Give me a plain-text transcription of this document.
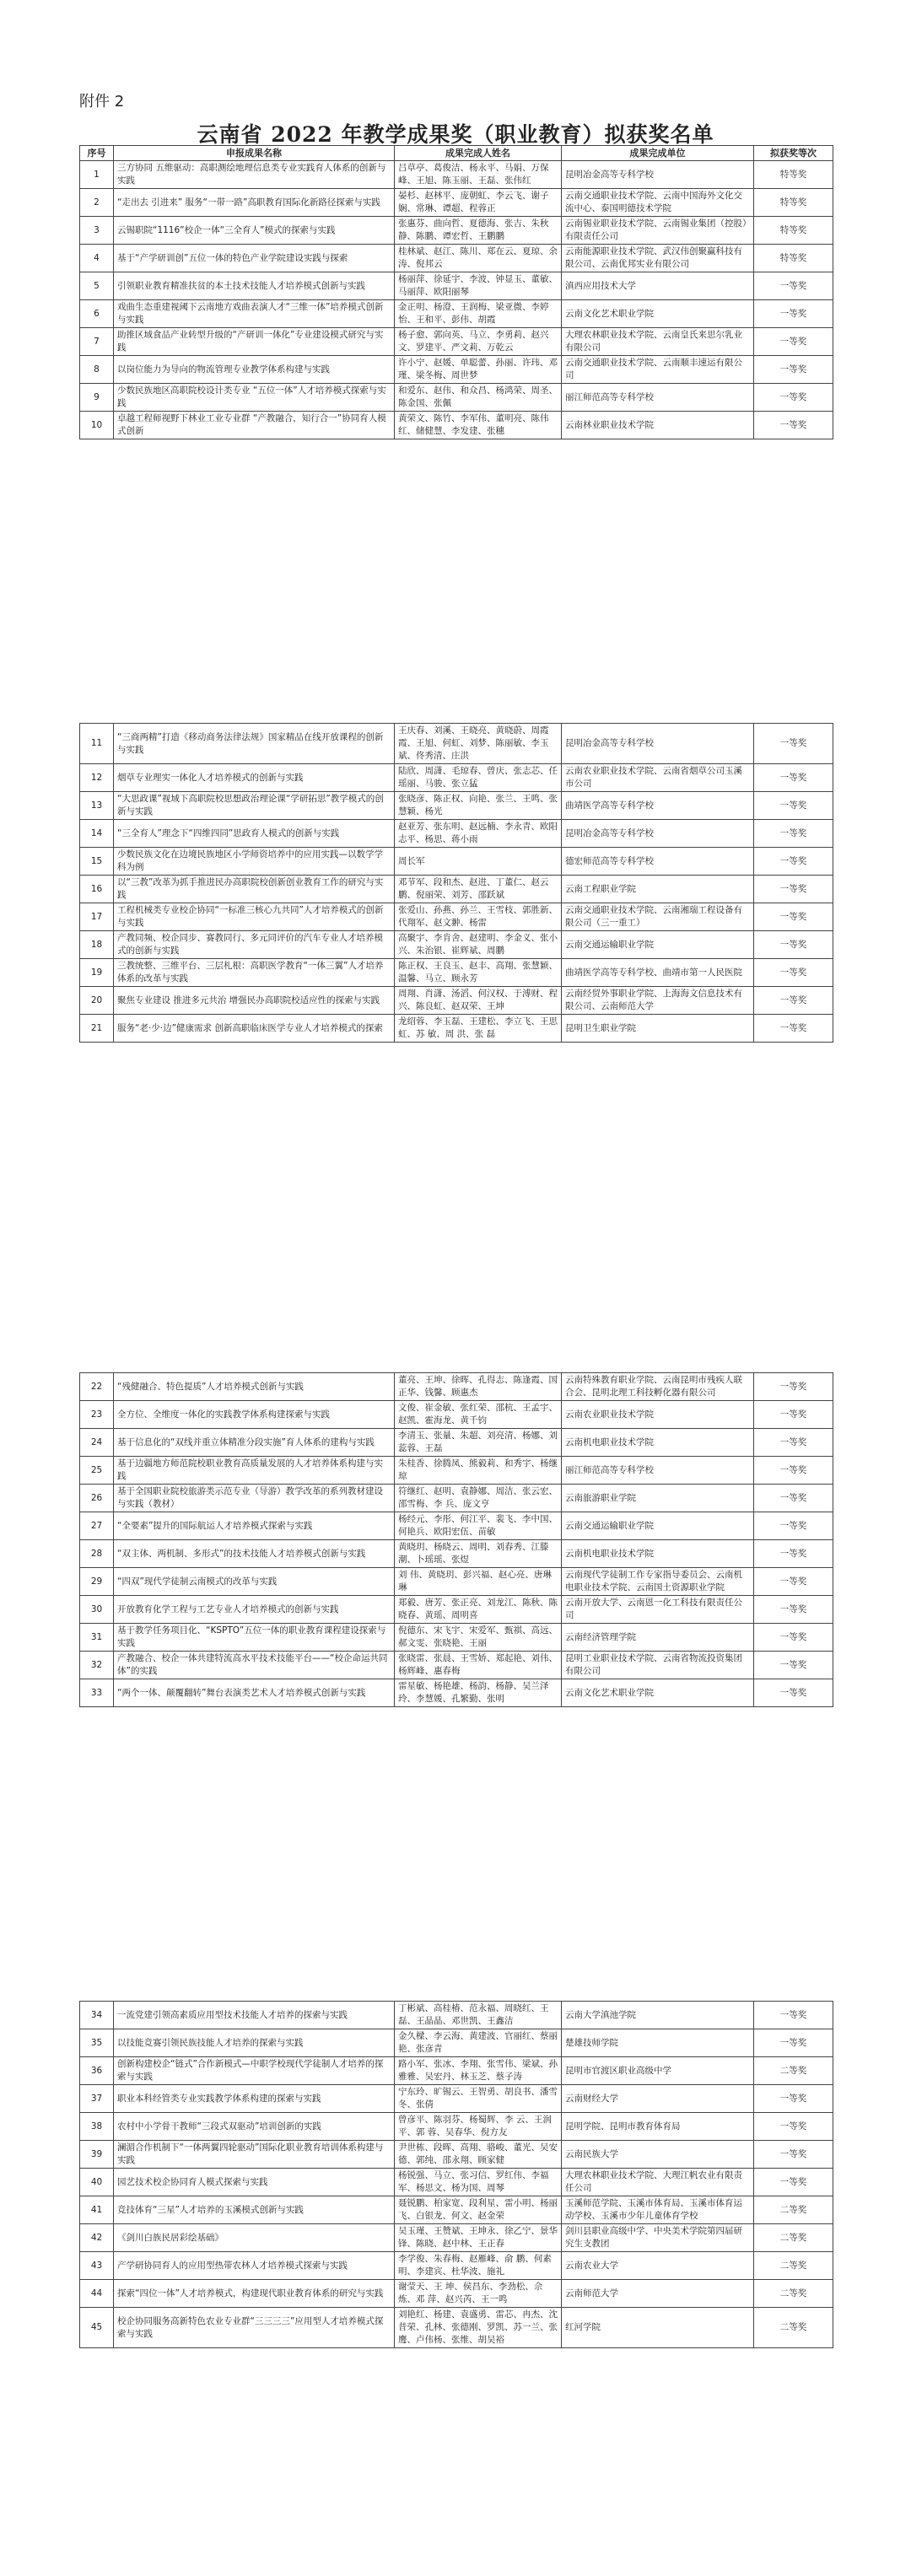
附件 2
云南省 2022 年教学成果奖（职业教育）拟获奖名单
序号	申报成果名称	成果完成人姓名	成果完成单位	拟获奖等次
1	三方协同 五维驱动：高职测绘地理信息类专业实践育人体系的创新与实践	吕草亭、葛俊洁、杨永平、马娟、万保峰、王旭、陈玉丽、王磊、张伟红	昆明冶金高等专科学校	特等奖
2	“走出去 引进来” 服务“一带一路”高职教育国际化新路径探索与实践	晏杉、赵林平、庞朝虹、李云飞、谢子娴、常琳、谭超、程蓉正	云南交通职业技术学院、云南中国海外文化交流中心、泰国明德技术学院	特等奖
3	云锡职院“1116”校企一体“三全育人”模式的探索与实践	张惠芬、曲向哲、夏德海、张吉、朱秋静、陈鹏、谭宏哲、王鹏鹏	云南锡业职业技术学院、云南锡业集团（控股）有限责任公司	特等奖
4	基于“产学研训创”五位一体的特色产业学院建设实践与探索	桂林斌、赵江、陈川、郑在云、夏琼、余涛、倪邦云	云南能源职业技术学院、武汉伟创聚赢科技有限公司、云南优邦实业有限公司	特等奖
5	引领职业教育精准扶贫的本土技术技能人才培养模式创新与实践	杨丽萍、徐延宇、李波、钟显玉、董敏、马丽萍、欧阳丽琴	滇西应用技术大学	一等奖
6	戏曲生态重建视阈下云南地方戏曲表演人才“三维一体”培养模式创新与实践	金正明、杨澄、王润梅、梁亚微、李婷怡、王和平、彭伟、胡霞	云南文化艺术职业学院	一等奖
7	助推区域食品产业转型升级的“产研训一体化”专业建设模式研究与实践	杨子愈、郭向英、马立、李勇莉、赵兴文、罗建平、严文莉、万乾云	大理农林职业技术学院、云南皇氏来思尔乳业有限公司	一等奖
8	以岗位能力为导向的物流管理专业教学体系构建与实践	许小宁、赵媛、单聪蕾、孙丽、许玮、邓瑾、梁冬梅、周世梦	云南交通职业技术学院、云南顺丰速运有限公司	一等奖
9	少数民族地区高职院校设计类专业 “五位一体”人才培养模式探索与实践	和爱东、赵伟、和众昌、杨鸿荣、周圣、陈金国、张佩	丽江师范高等专科学校	一等奖
10	卓越工程师视野下林业工业专业群 “产教融合，知行合一”协同育人模式创新	黄荣文、陈竹、李军伟、董明亮、陈伟红、储健慧、李发建、张穗	云南林业职业技术学院	一等奖
11	“三商两精”打造《移动商务法律法规》国家精品在线开放课程的创新与实践	王庆春、刘溪、王晓亮、黄晓蔚、周霞霞、王旭、何虹、刘梦、陈丽敏、李玉斌、佟秀清、庄洪	昆明冶金高等专科学校	一等奖
12	烟草专业理实一体化人才培养模式的创新与实践	陆欣、周潇、毛琼春、曾庆、张志芯、任瑶丽、马骏、张立猛	云南农业职业技术学院、云南省烟草公司玉溪市公司	一等奖
13	“大思政课”视域下高职院校思想政治理论课“学研拓思”教学模式的创新与实践	张晓彦、陈正权、向艳、张兰、王鸣、张慧颖、杨光	曲靖医学高等专科学校	一等奖
14	“三全育人”理念下“四维四同”思政育人模式的创新与实践	赵亚芳、张东明、赵远楠、李永青、欧阳志平、杨思、蒋小雨	昆明冶金高等专科学校	一等奖
15	少数民族文化在边境民族地区小学师资培养中的应用实践—以数学学科为例	周长军	德宏师范高等专科学校	一等奖
16	以“三教”改革为抓手推进民办高职院校创新创业教育工作的研究与实践	邓节军、段和杰、赵进、丁董仁、赵云鹏、倪丽荣、刘芳、邵跃斌	云南工程职业学院	一等奖
17	工程机械类专业校企协同“一标准三核心九共同”人才培养模式的创新与实践	张爱山、孙燕、孙兰、王雪枝、郭胜新、代翔军、赵文翀、杨雷	云南交通职业技术学院、云南湘瑞工程设备有限公司（三一重工）	一等奖
18	产教同频、校企同步、赛教同行、多元同评价的汽车专业人才培养模式的创新与实践	高聚宇、李肯舍、赵建明、李金义、张小兴、朱治银、崔辉斌、周鹏	云南交通运输职业学院	一等奖
19	三教统整、三维平台、三层札根：高职医学教育“一体三翼”人才培养体系的改革与实践	陈正权、王良玉、赵丰、高翔、张慧颖、温馨、马立、顾永芳	曲靖医学高等专科学校、曲靖市第一人民医院	一等奖
20	聚焦专业建设 推进多元共治 增强民办高职院校适应性的探索与实践	周翔、肖潇、汤滔、何汉权、于溥财、程兴、陈良虹、赵双荣、王坤	云南经贸外事职业学院、上海海文信息技术有限公司、云南师范大学	一等奖
21	服务“老·少·边”健康需求 创新高职临床医学专业人才培养模式的探索	龙绍蓉、李玉磊、王建松、李立飞、王思虹、苏 敏、周 洪、张 磊	昆明卫生职业学院	一等奖
22	“残健融合、特色提质”人才培养模式创新与实践	董亮、王坤、徐晖、孔得志、陈逢霞、国正华、钱馨、顾惠杰	云南特殊教育职业学院、云南昆明市残疾人联合会、昆明北理工科技孵化器有限公司	一等奖
23	全方位、全维度一体化的实践教学体系构建探索与实践	文俊、崔金敏、张红荣、邵杭、王孟宇、赵凯、霍海龙、黄千钧	云南农业职业技术学院	一等奖
24	基于信息化的“双线并重立体精准分段实施”育人体系的建构与实践	李清玉、张量、朱超、刘亮清、杨娜、刘蕊蓉、王磊	云南机电职业技术学院	一等奖
25	基于边疆地方师范院校职业教育高质量发展的人才培养体系构建与实践	朱桂香、徐腾凤、熊毅莉、和秀宇、杨继琼	丽江师范高等专科学校	一等奖
26	基于全国职业院校旅游类示范专业（导游）教学改革的系列教材建设与实践（教材）	符继红、赵明、袁静娜、周洁、张云宏、邵雪梅、李 兵、庞文亨	云南旅游职业学院	一等奖
27	“全要素”提升的国际航运人才培养模式探索与实践	杨经元、李彤、何江平、裴飞、李中国、何艳兵、欧阳宏伍、苗敏	云南交通运输职业学院	一等奖
28	“双主体、两机制、多形式”的技术技能人才培养模式创新与实践	黄晓玥、杨晓云、周明、刘春秀、江滕潮、卜瑶瑶、张煜	云南机电职业技术学院	一等奖
29	“四双”现代学徒制云南模式的改革与实践	刘 伟、黄晓玥、彭兴福、赵心亮、唐琳琳	云南现代学徒制工作专家指导委员会、云南机电职业技术学院、云南国土资源职业学院	一等奖
30	开放教育化学工程与工艺专业人才培养模式的创新与实践	郑毅、唐芳、张正亮、刘龙江、陈秋、陈晓春、黄瑶、周明喜	云南开放大学、云南恩一化工科技有限责任公司	一等奖
31	基于教学任务项目化、“KSPTO”五位一体的职业教育课程建设探索与实践	倪德东、宋飞宇、宋爱军、甄祺、高远、郝文雯、张晓艳、王丽	云南经济管理学院	一等奖
32	产教融合、校企一体共建特流高水平技术技能平台——“校企命运共同体”的实践	张晓雷、张晨、王雪娇、郑起艳、刘伟、杨辉峰、惠春梅	昆明工业职业技术学院、云南省物流投资集团有限公司	一等奖
33	“两个一体、颠覆翻转”舞台表演类艺术人才培养模式创新与实践	雷星敏、杨艳雄、杨韵、杨静、吴兰泽玲、李慧媛、孔繁勤、张明	云南文化艺术职业学院	一等奖
34	一流党建引领高素质应用型技术技能人才培养的探索与实践	丁彬斌、高桂椿、范永福、周晓红、王磊、王晶晶、邓世凯、王鑫洁	云南大学滇池学院	一等奖
35	以技能竞赛引领民族技能人才培养的探索与实践	金久樑、李云海、黄建波、官丽红、蔡丽艳、张彦青	楚雄技师学院	一等奖
36	创新构建校企“链式”合作新模式—中职学校现代学徒制人才培养的探索与实践	路小军、张冰、李翔、张雪伟、梁斌、孙雅雅、吴宏丹、林玉芝、蔡子涛	昆明市官渡区职业高级中学	二等奖
37	职业本科经管类专业实践教学体系构建的探索与实践	宁东玲、旷锡云、王智勇、胡良书、潘雪冬、张倩	云南财经大学	一等奖
38	农村中小学骨干教师“三段式双驱动”培训创新的实践	曾彦平、陈羽芬、杨蜀辉、李 云、王润平、郭 蓉、吴春华、倪方友	昆明学院、昆明市教育体育局	一等奖
39	澜湄合作机制下“一体两翼四轮驱动”国际化职业教育培训体系构建与实践	尹世栋、段晖、高翔、骆峻、董光、吴安德、郭纯、邵永翔、顾家健	云南民族大学	一等奖
40	园艺技术校企协同育人模式探索与实践	杨锐强、马立、张习信、罗红伟、李福军、杨思文、杨为国、周琴	大理农林职业技术学院、大理江帆农业有限责任公司	一等奖
41	竞技体育“三星”人才培养的玉溪模式创新与实践	聂锐鹏、柏家宽、段利星、雷小明、杨丽飞、白银龙、何文、赵金荣	玉溪师范学院、玉溪市体育局、玉溪市体育运动学校、玉溪市少年儿童体育学校	二等奖
42	《剑川白族民居彩绘基础》	吴玉瑾、王赞斌、王坤永、徐乙宁、景华锋、陈晓、赵中林、王正春	剑川县职业高级中学、中央美术学院第四届研究生支教团	二等奖
43	产学研协同育人的应用型热带农林人才培养模式探索与实践	李学俊、朱春梅、赵雁峰、俞 鹏、何素明、李建宾、杜华波、施礼	云南农业大学	二等奖
44	探索“四位一体”人才培养模式，构建现代职业教育体系的研究与实践	谢莹天、王 坤、侯昌东、李劲松、佘炼、邓 萍、赵兴芮、王一鸣	云南师范大学	二等奖
45	校企协同服务高新特色农业专业群“三三三三”应用型人才培养模式探索与实践	刘艳红、杨建、袁盛勇、雷芯、冉杰、沈昔荣、孔林、张德刚、罗凯、苏一兰、张鹰、卢伟杨、张维、胡吴裕	红河学院	二等奖
